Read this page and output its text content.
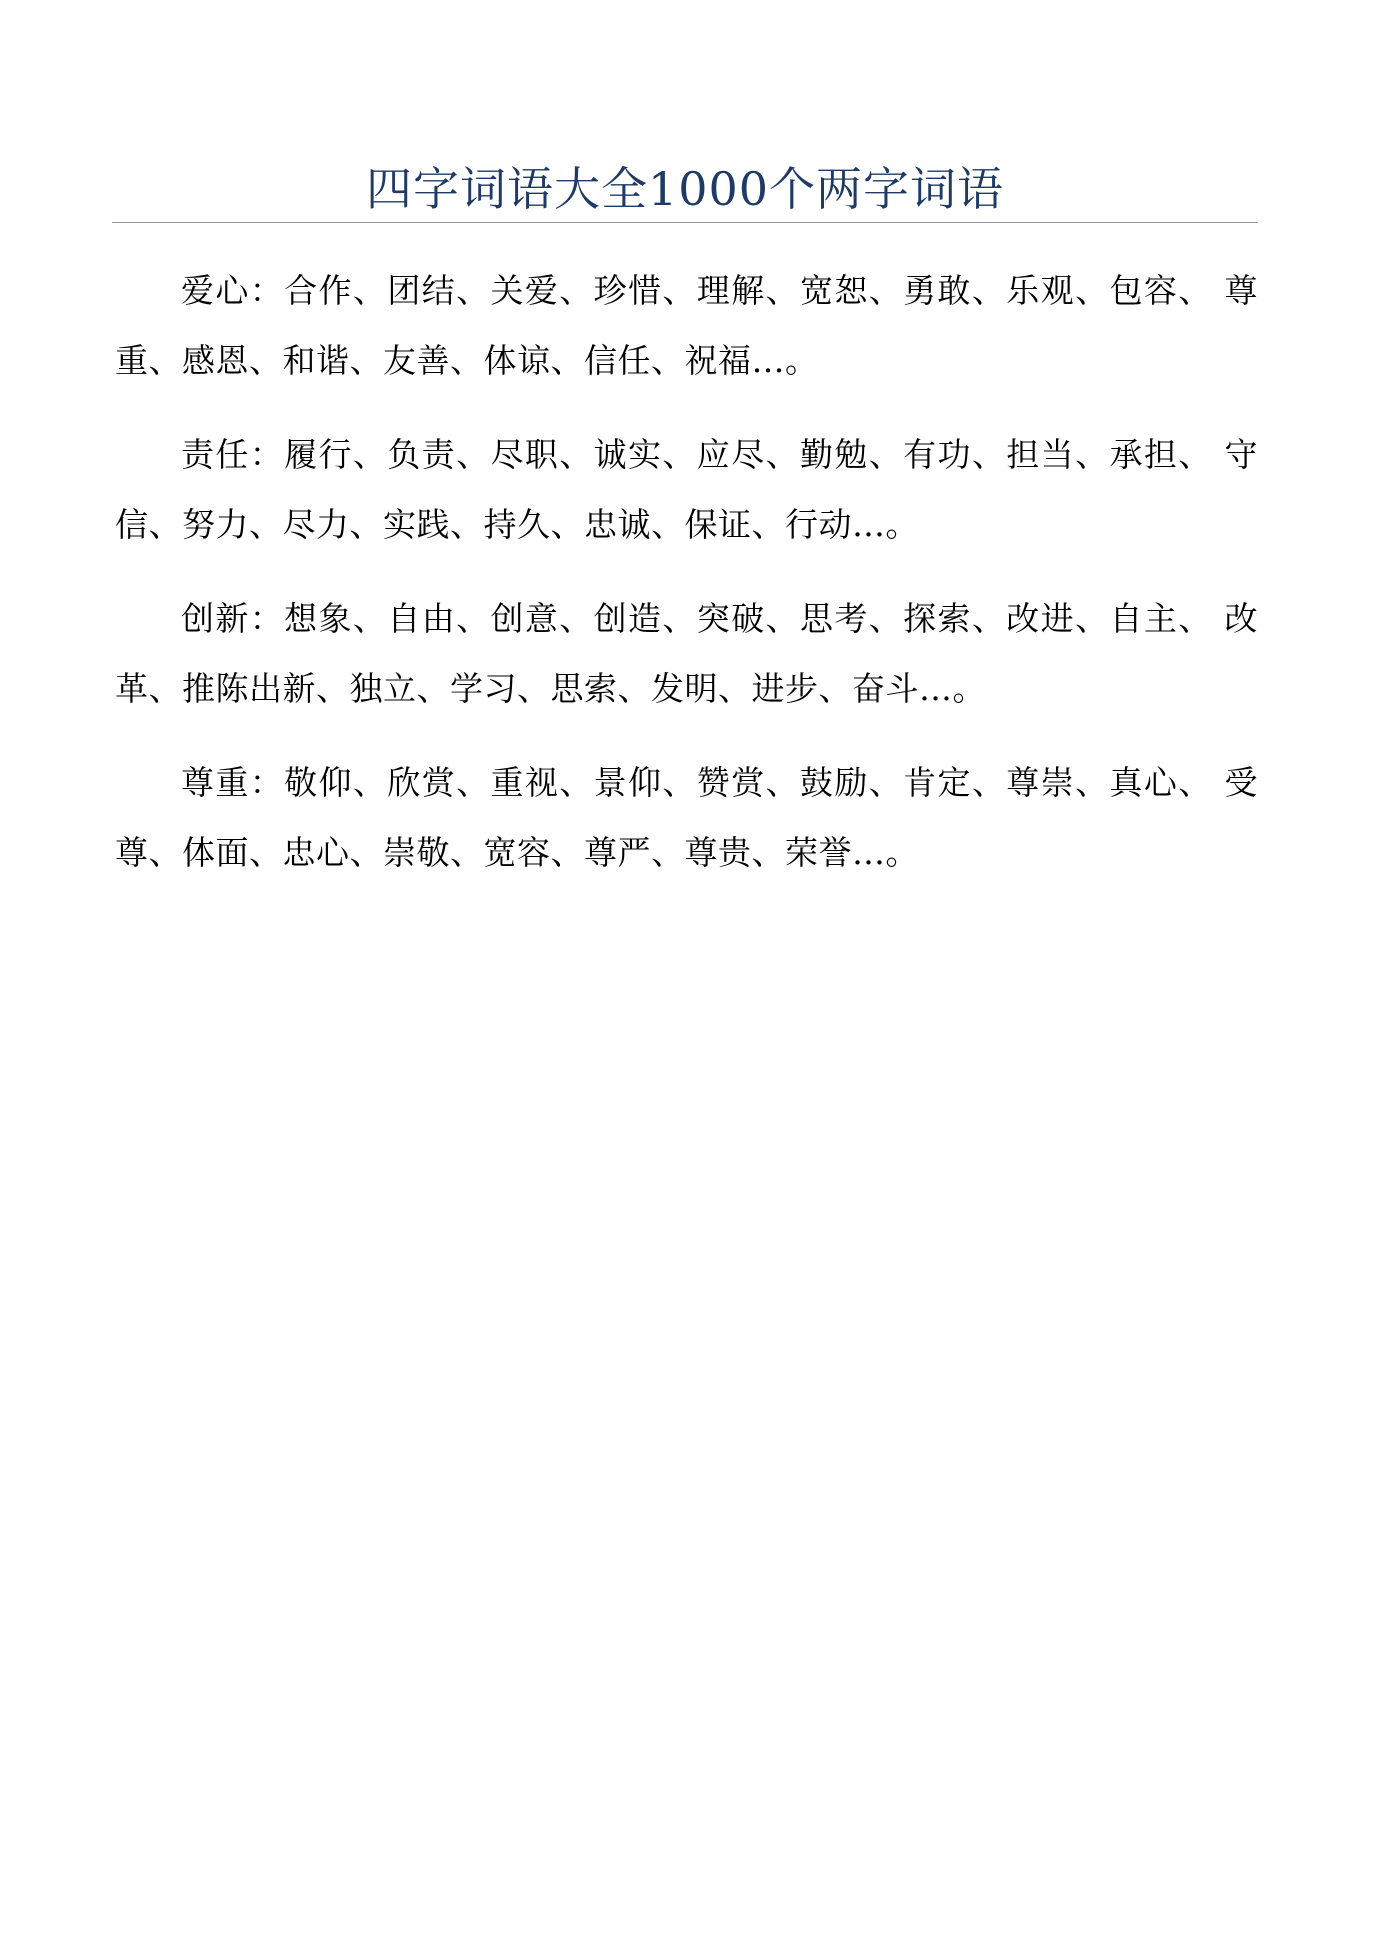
四字词语大全1000个两字词语

爱心：合作、团结、关爱、珍惜、理解、宽恕、勇敢、乐观、包容、 尊重、感恩、和谐、友善、体谅、信任、祝福…。

责任：履行、负责、尽职、诚实、应尽、勤勉、有功、担当、承担、 守信、努力、尽力、实践、持久、忠诚、保证、行动…。

创新：想象、自由、创意、创造、突破、思考、探索、改进、自主、 改革、推陈出新、独立、学习、思索、发明、进步、奋斗…。

尊重：敬仰、欣赏、重视、景仰、赞赏、鼓励、肯定、尊崇、真心、 受尊、体面、忠心、崇敬、宽容、尊严、尊贵、荣誉…。
